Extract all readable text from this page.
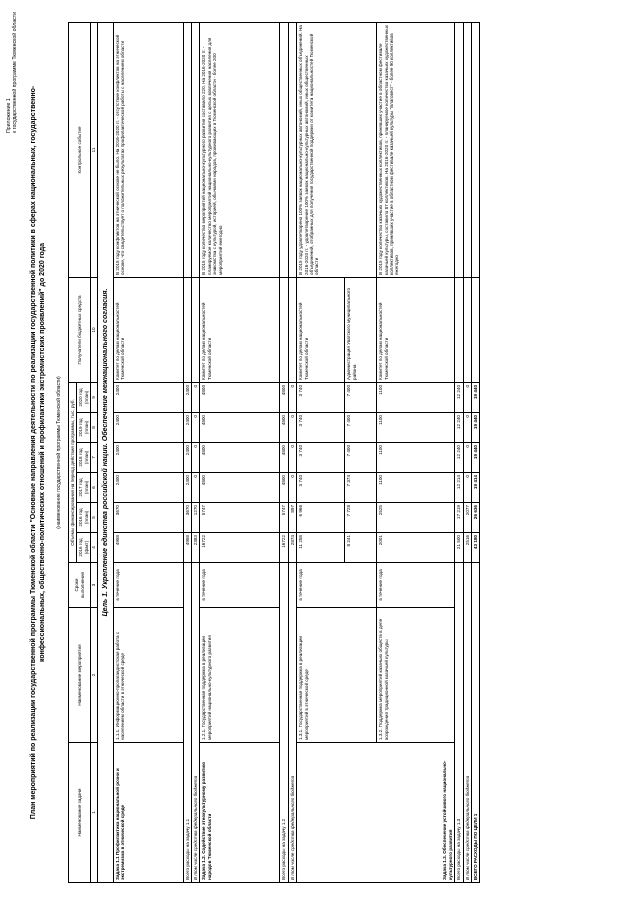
Приложение 1 к государственной программе Тюменской области
План мероприятий по реализации государственной программы Тюменской области "Основные направления деятельности по реализации государственной политики в сферах национальных, государственно- конфессиональных, общественно-политических отношений и профилактики экстремистских проявлений" до 2020 года	(наименование государственной программы Тюменской области)
Наименование задачи	Наименование мероприятия	Сроки выполнения	Объемы финансирования на период действия программы, тыс. руб.						Получатели бюджетных средств	Контрольное событие
			2016 год (факт)	2016 год (план)	2017 год (план)	2018 год (план)	2019 год (план)	2020 год (план)		
1	2	3	4	5	6	7	8	9	10	11
Цель 1. Укрепление единства российской нации. Обеспечение межнационального согласия.										
Задача 1.1 Профилактика национальной розни и экстремизма в этнической среде	1.1.1. Информационно-пропагандистская работа с населением области в этнической среде	в течение года	4958	3670	2400	2400	2400	2400	Комитет по делам национальностей Тюменской области	В 2015 году конфликтов на этнической основе не было. На 2016-2020 гг. - отсутствие конфликтов на этнической основе, что свидетельствует о положительных результатах профилактической работы с населением области
Всего расходы на задачу 1.1			4958	3670	2400	2400	2400	2400		
В том числе средства федерального бюджета			2383	1270	0	0	0	0		
Задача 1.2. Содействие этнокультурному развитию народов Тюменской области	1.2.1. Государственная поддержка в реализации мероприятий национально-культурного развития	в течение года	16722	5747	4800	4800	4800	4800	Комитет по делам национальностей Тюменской области	В 2015 году количество мероприятий национально-культурного развития составило 220. На 2016-2020 гг. - планируемое количество мероприятий национально-культурного развития с целью вовлечения населения для знакомства с культурой, историей, обычаями народов, проживающих в Тюменской области - более 200 мероприятий ежегодно
Всего расходы на задачу 1.2			16722	5747	4800	4800	4800	4800		
В том числе средства федерального бюджета			2874	897	0	0	0	0		
Задача 1.3. Обеспечение устойчивого национально-культурного развития	1.3.1. Государственная поддержка в реализации мероприятий в этнической среде	в течение года	11 258	6 966	3 740	3 740	3 740	3 740	Комитет по делам национальностей Тюменской области	В 2015 году удовлетворено 100% заявок национально-культурных автономий, иных общественных объединений. На 2016-2020 гг. - удовлетворение 100% заявок национально-культурных автономий, иных общественных объединений, отобранных для получения государственной поддержки от комитета национальностей Тюменской области
			8 241	7 728	7 374	7 400	7 400	7 400	Администрация Уватского муниципального района	
	1.3.2. Поддержка мероприятий казачьих обществ в деле возрождения традиционной казачьей культуры	в течение года	2001	2525	1100	1100	1100	1100	Комитет по делам национальностей Тюменской области	В 2015 году количество казачьих художественных коллективов, принявших участие в областном фестивале казачьей культуры, составило 87 коллективов. На 2016-2020 гг. - планируемое количество казачьих художественных коллективов, принявших участие в областном фестивале казачьей культуры "Благовест" - более 90 коллективов ежегодно
Всего расходы на задачу 1.3			21 500	17 219	12 214	12 240	12 240	12 240		
В том числе средства федерального бюджета			2516	2077	0	0	0	0		
ВСЕГО РАСХОДЫ ПО ЦЕЛИ 1			43 180	26 636	19 414	19 440	19 440	19 440		
